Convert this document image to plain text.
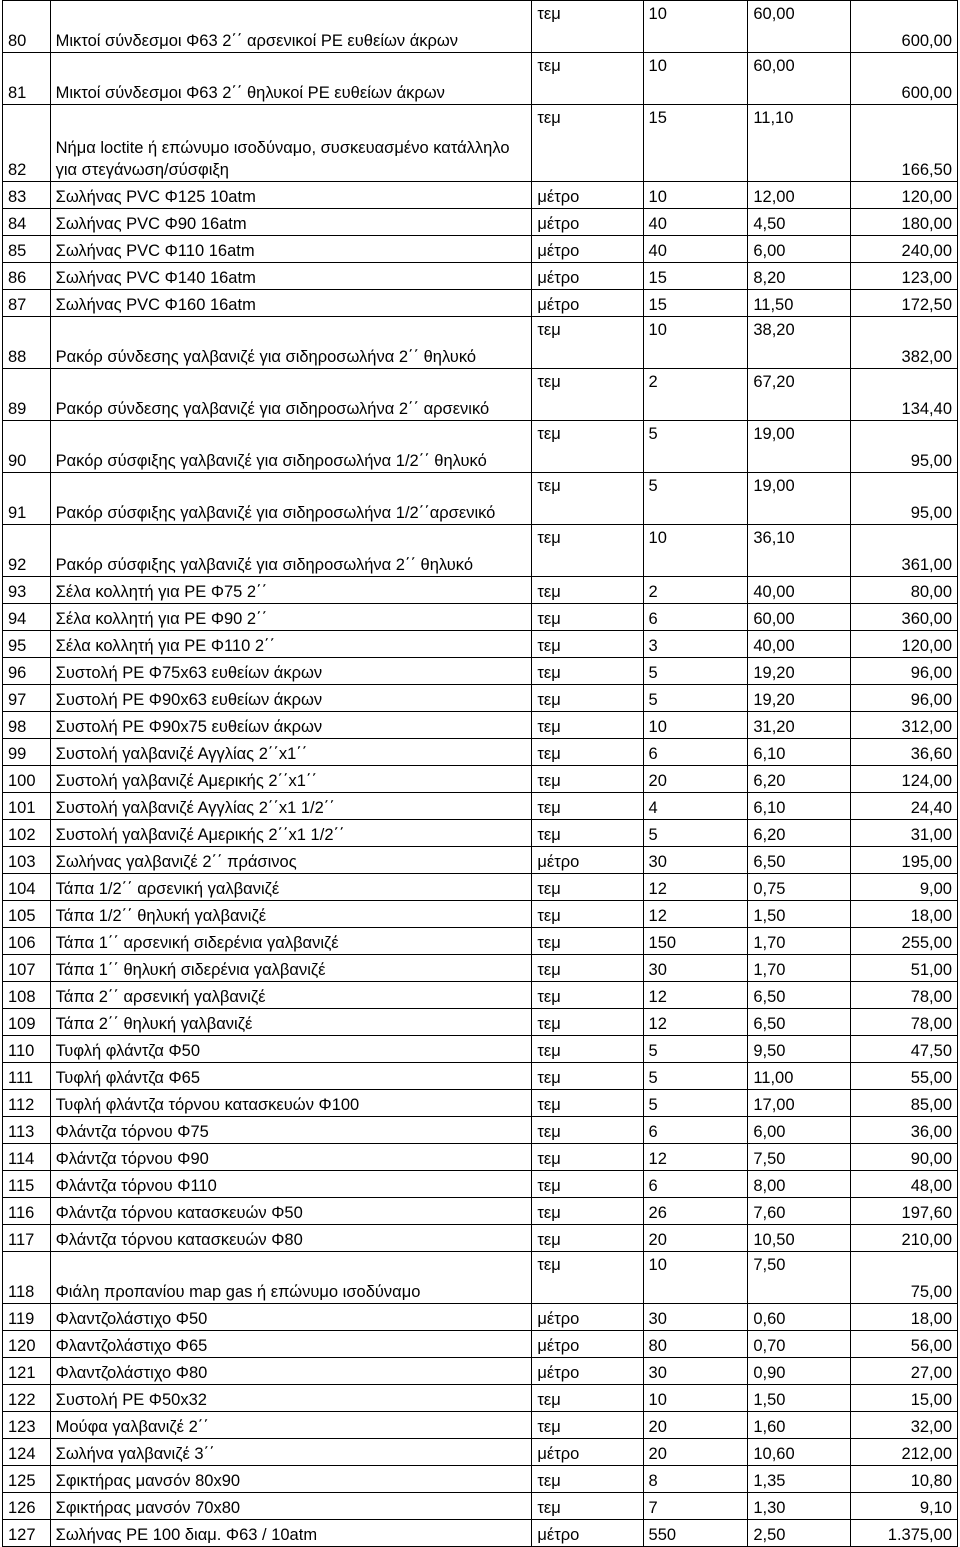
80	Μικτοί σύνδεσμοι Φ63 2΄΄ αρσενικοί ΡΕ ευθείων άκρων	τεμ	10	60,00	600,00
81	Μικτοί σύνδεσμοι Φ63 2΄΄ θηλυκοί ΡΕ ευθείων άκρων	τεμ	10	60,00	600,00
82	Νήμα loctite ή επώνυμο ισοδύναμο, συσκευασμένο κατάλληλο για στεγάνωση/σύσφιξη	τεμ	15	11,10	166,50
83	Σωλήνας PVC Φ125 10atm	μέτρο	10	12,00	120,00
84	Σωλήνας PVC Φ90 16atm	μέτρο	40	4,50	180,00
85	Σωλήνας PVC Φ110 16atm	μέτρο	40	6,00	240,00
86	Σωλήνας PVC Φ140 16atm	μέτρο	15	8,20	123,00
87	Σωλήνας PVC Φ160 16atm	μέτρο	15	11,50	172,50
88	Ρακόρ σύνδεσης γαλβανιζέ για σιδηροσωλήνα 2΄΄ θηλυκό	τεμ	10	38,20	382,00
89	Ρακόρ σύνδεσης γαλβανιζέ για σιδηροσωλήνα 2΄΄ αρσενικό	τεμ	2	67,20	134,40
90	Ρακόρ σύσφιξης γαλβανιζέ για σιδηροσωλήνα 1/2΄΄ θηλυκό	τεμ	5	19,00	95,00
91	Ρακόρ σύσφιξης γαλβανιζέ για σιδηροσωλήνα 1/2΄΄αρσενικό	τεμ	5	19,00	95,00
92	Ρακόρ σύσφιξης γαλβανιζέ για σιδηροσωλήνα 2΄΄ θηλυκό	τεμ	10	36,10	361,00
93	Σέλα κολλητή για ΡΕ Φ75 2΄΄	τεμ	2	40,00	80,00
94	Σέλα κολλητή για ΡΕ Φ90 2΄΄	τεμ	6	60,00	360,00
95	Σέλα κολλητή για ΡΕ Φ110 2΄΄	τεμ	3	40,00	120,00
96	Συστολή ΡΕ Φ75x63 ευθείων άκρων	τεμ	5	19,20	96,00
97	Συστολή ΡΕ Φ90x63 ευθείων άκρων	τεμ	5	19,20	96,00
98	Συστολή ΡΕ Φ90x75 ευθείων άκρων	τεμ	10	31,20	312,00
99	Συστολή γαλβανιζέ Αγγλίας 2΄΄x1΄΄	τεμ	6	6,10	36,60
100	Συστολή γαλβανιζέ Αμερικής 2΄΄x1΄΄	τεμ	20	6,20	124,00
101	Συστολή γαλβανιζέ Αγγλίας 2΄΄x1 1/2΄΄	τεμ	4	6,10	24,40
102	Συστολή γαλβανιζέ Αμερικής 2΄΄x1 1/2΄΄	τεμ	5	6,20	31,00
103	Σωλήνας γαλβανιζέ 2΄΄ πράσινος	μέτρο	30	6,50	195,00
104	Τάπα 1/2΄΄ αρσενική γαλβανιζέ	τεμ	12	0,75	9,00
105	Τάπα 1/2΄΄ θηλυκή γαλβανιζέ	τεμ	12	1,50	18,00
106	Τάπα 1΄΄ αρσενική σιδερένια γαλβανιζέ	τεμ	150	1,70	255,00
107	Τάπα 1΄΄ θηλυκή σιδερένια γαλβανιζέ	τεμ	30	1,70	51,00
108	Τάπα 2΄΄ αρσενική γαλβανιζέ	τεμ	12	6,50	78,00
109	Τάπα 2΄΄ θηλυκή γαλβανιζέ	τεμ	12	6,50	78,00
110	Τυφλή φλάντζα Φ50	τεμ	5	9,50	47,50
111	Τυφλή φλάντζα Φ65	τεμ	5	11,00	55,00
112	Τυφλή φλάντζα τόρνου κατασκευών Φ100	τεμ	5	17,00	85,00
113	Φλάντζα τόρνου Φ75	τεμ	6	6,00	36,00
114	Φλάντζα τόρνου Φ90	τεμ	12	7,50	90,00
115	Φλάντζα τόρνου Φ110	τεμ	6	8,00	48,00
116	Φλάντζα τόρνου κατασκευών Φ50	τεμ	26	7,60	197,60
117	Φλάντζα τόρνου κατασκευών Φ80	τεμ	20	10,50	210,00
118	Φιάλη προπανίου map gas ή επώνυμο ισοδύναμο	τεμ	10	7,50	75,00
119	Φλαντζολάστιχο Φ50	μέτρο	30	0,60	18,00
120	Φλαντζολάστιχο Φ65	μέτρο	80	0,70	56,00
121	Φλαντζολάστιχο Φ80	μέτρο	30	0,90	27,00
122	Συστολή ΡΕ Φ50x32	τεμ	10	1,50	15,00
123	Μούφα γαλβανιζέ 2΄΄	τεμ	20	1,60	32,00
124	Σωλήνα γαλβανιζέ 3΄΄	μέτρο	20	10,60	212,00
125	Σφικτήρας μανσόν 80x90	τεμ	8	1,35	10,80
126	Σφικτήρας μανσόν 70x80	τεμ	7	1,30	9,10
127	Σωλήνας ΡΕ 100 διαμ. Φ63 / 10atm	μέτρο	550	2,50	1.375,00
